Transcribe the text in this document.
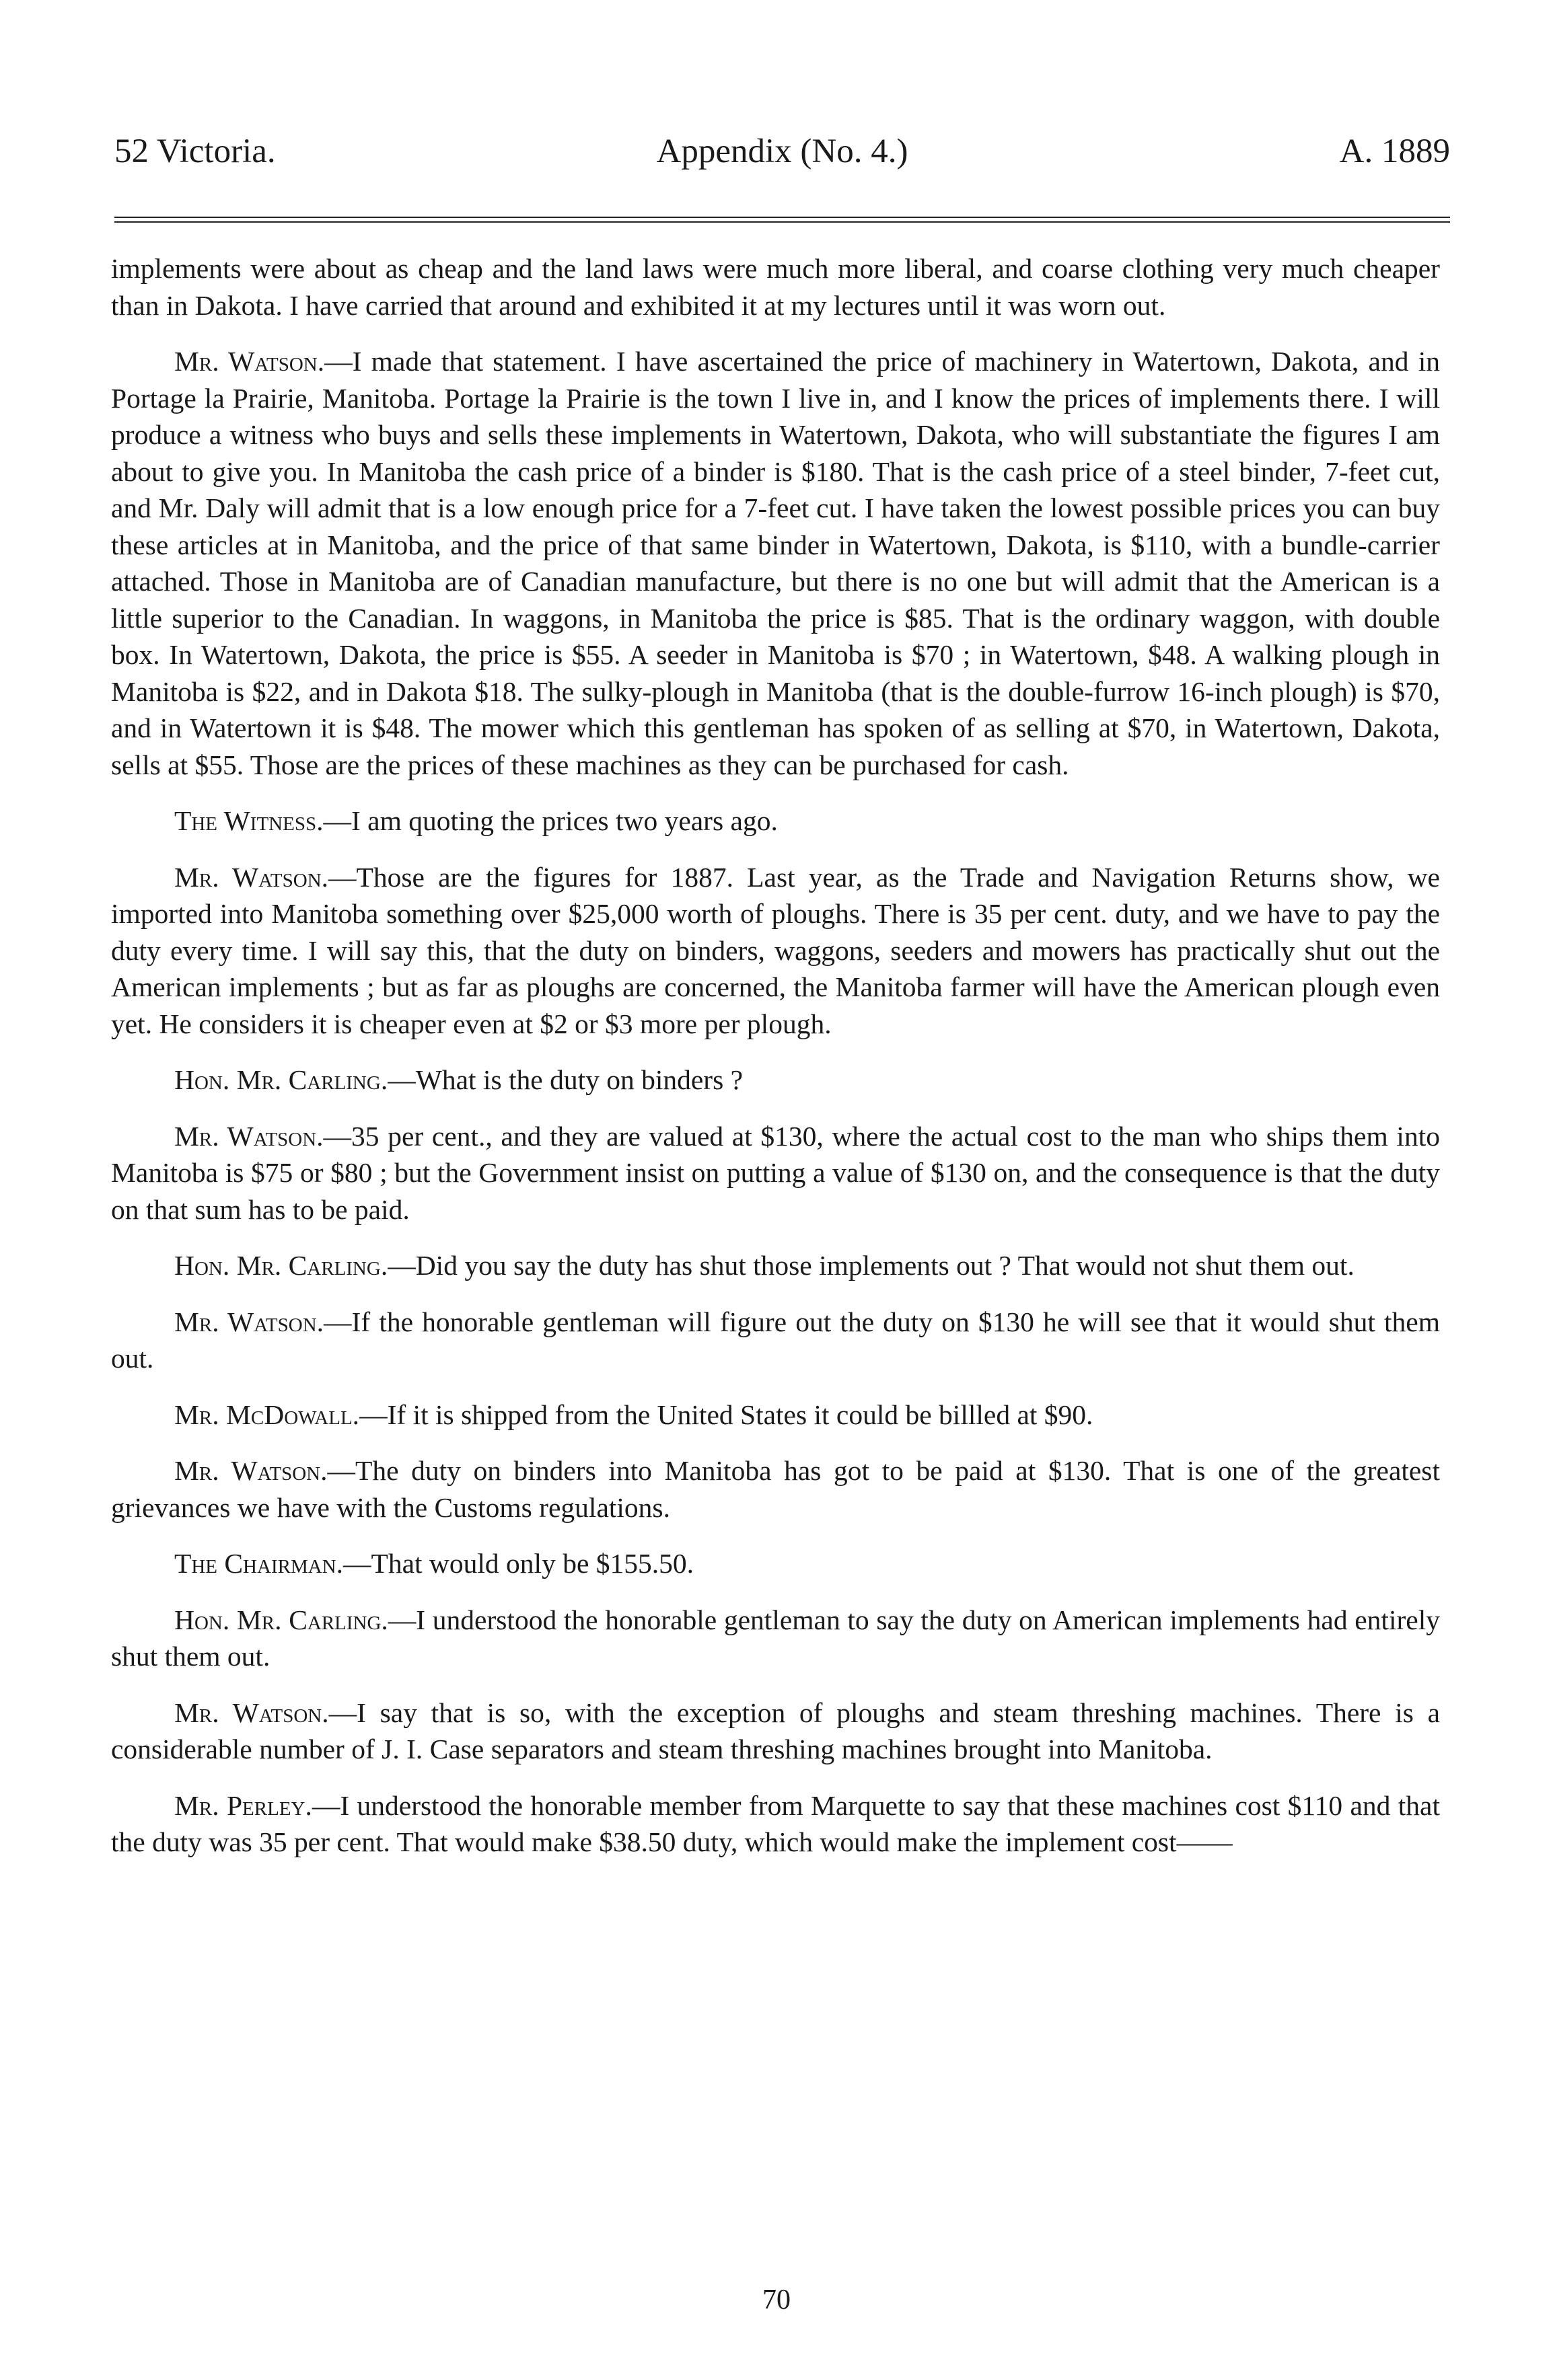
52 Victoria.	Appendix (No. 4.)	A. 1889

implements were about as cheap and the land laws were much more liberal, and coarse clothing very much cheaper than in Dakota. I have carried that around and exhibited it at my lectures until it was worn out.

Mr. Watson.—I made that statement. I have ascertained the price of machinery in Watertown, Dakota, and in Portage la Prairie, Manitoba. Portage la Prairie is the town I live in, and I know the prices of implements there. I will produce a witness who buys and sells these implements in Watertown, Dakota, who will substantiate the figures I am about to give you. In Manitoba the cash price of a binder is $180. That is the cash price of a steel binder, 7-feet cut, and Mr. Daly will admit that is a low enough price for a 7-feet cut. I have taken the lowest possible prices you can buy these articles at in Manitoba, and the price of that same binder in Watertown, Dakota, is $110, with a bundle-carrier attached. Those in Manitoba are of Canadian manufacture, but there is no one but will admit that the American is a little superior to the Canadian. In waggons, in Manitoba the price is $85. That is the ordinary waggon, with double box. In Watertown, Dakota, the price is $55. A seeder in Manitoba is $70 ; in Watertown, $48. A walking plough in Manitoba is $22, and in Dakota $18. The sulky-plough in Manitoba (that is the double-furrow 16-inch plough) is $70, and in Watertown it is $48. The mower which this gentleman has spoken of as selling at $70, in Watertown, Dakota, sells at $55. Those are the prices of these machines as they can be purchased for cash.

The Witness.—I am quoting the prices two years ago.

Mr. Watson.—Those are the figures for 1887. Last year, as the Trade and Navigation Returns show, we imported into Manitoba something over $25,000 worth of ploughs. There is 35 per cent. duty, and we have to pay the duty every time. I will say this, that the duty on binders, waggons, seeders and mowers has practically shut out the American implements ; but as far as ploughs are concerned, the Manitoba farmer will have the American plough even yet. He considers it is cheaper even at $2 or $3 more per plough.

Hon. Mr. Carling.—What is the duty on binders ?

Mr. Watson.—35 per cent., and they are valued at $130, where the actual cost to the man who ships them into Manitoba is $75 or $80 ; but the Government insist on putting a value of $130 on, and the consequence is that the duty on that sum has to be paid.

Hon. Mr. Carling.—Did you say the duty has shut those implements out ? That would not shut them out.

Mr. Watson.—If the honorable gentleman will figure out the duty on $130 he will see that it would shut them out.

Mr. McDowall.—If it is shipped from the United States it could be billled at $90.

Mr. Watson.—The duty on binders into Manitoba has got to be paid at $130. That is one of the greatest grievances we have with the Customs regulations.

The Chairman.—That would only be $155.50.

Hon. Mr. Carling.—I understood the honorable gentleman to say the duty on American implements had entirely shut them out.

Mr. Watson.—I say that is so, with the exception of ploughs and steam threshing machines. There is a considerable number of J. I. Case separators and steam threshing machines brought into Manitoba.

Mr. Perley.—I understood the honorable member from Marquette to say that these machines cost $110 and that the duty was 35 per cent. That would make $38.50 duty, which would make the implement cost——

70
